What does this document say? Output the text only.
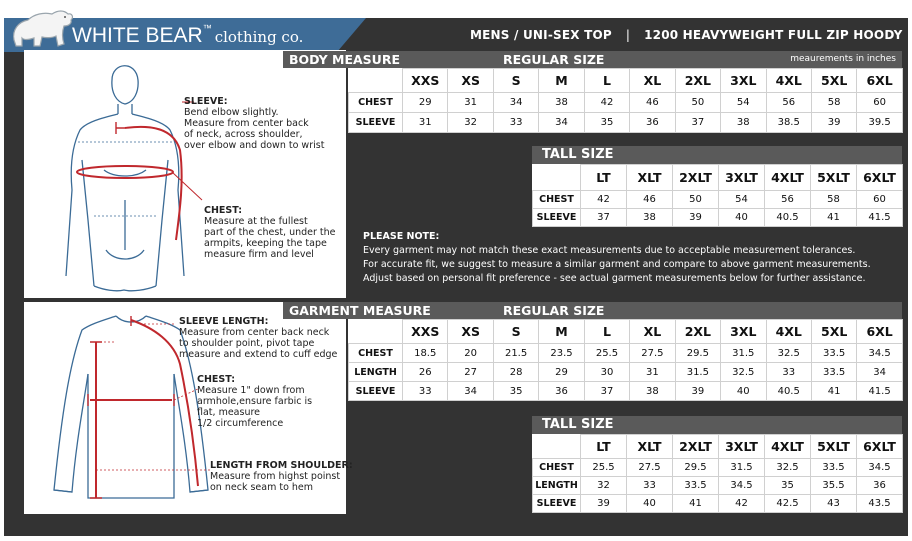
WHITE BEAR™ clothing co.	MENS / UNI-SEX TOP | 1200 HEAVYWEIGHT FULL ZIP HOODY
SLEEVE:
Bend elbow slightly.
Measure from center back
of neck, across shoulder,
over elbow and down to wrist
CHEST:
Measure at the fullest
part of the chest, under the
armpits, keeping the tape
measure firm and level
BODY MEASURE	REGULAR SIZE	meaurements in inches
	XXS	XS	S	M	L	XL	2XL	3XL	4XL	5XL	6XL
CHEST	29	31	34	38	42	46	50	54	56	58	60
SLEEVE	31	32	33	34	35	36	37	38	38.5	39	39.5
TALL SIZE
	LT	XLT	2XLT	3XLT	4XLT	5XLT	6XLT
CHEST	42	46	50	54	56	58	60
SLEEVE	37	38	39	40	40.5	41	41.5
PLEASE NOTE:
Every garment may not match these exact measurements due to acceptable measurement tolerances.
For accurate fit, we suggest to measure a similar garment and compare to above garment measurements.
Adjust based on personal fit preference - see actual garment measurements below for further assistance.
SLEEVE LENGTH:
Measure from center back neck
to shoulder point, pivot tape
measure and extend to cuff edge
CHEST:
Measure 1" down from
armhole,ensure farbic is
flat, measure
1/2 circumference
LENGTH FROM SHOULDER:
Measure from highst poinst
on neck seam to hem
GARMENT MEASURE	REGULAR SIZE
	XXS	XS	S	M	L	XL	2XL	3XL	4XL	5XL	6XL
CHEST	18.5	20	21.5	23.5	25.5	27.5	29.5	31.5	32.5	33.5	34.5
LENGTH	26	27	28	29	30	31	31.5	32.5	33	33.5	34
SLEEVE	33	34	35	36	37	38	39	40	40.5	41	41.5
TALL SIZE
	LT	XLT	2XLT	3XLT	4XLT	5XLT	6XLT
CHEST	25.5	27.5	29.5	31.5	32.5	33.5	34.5
LENGTH	32	33	33.5	34.5	35	35.5	36
SLEEVE	39	40	41	42	42.5	43	43.5
